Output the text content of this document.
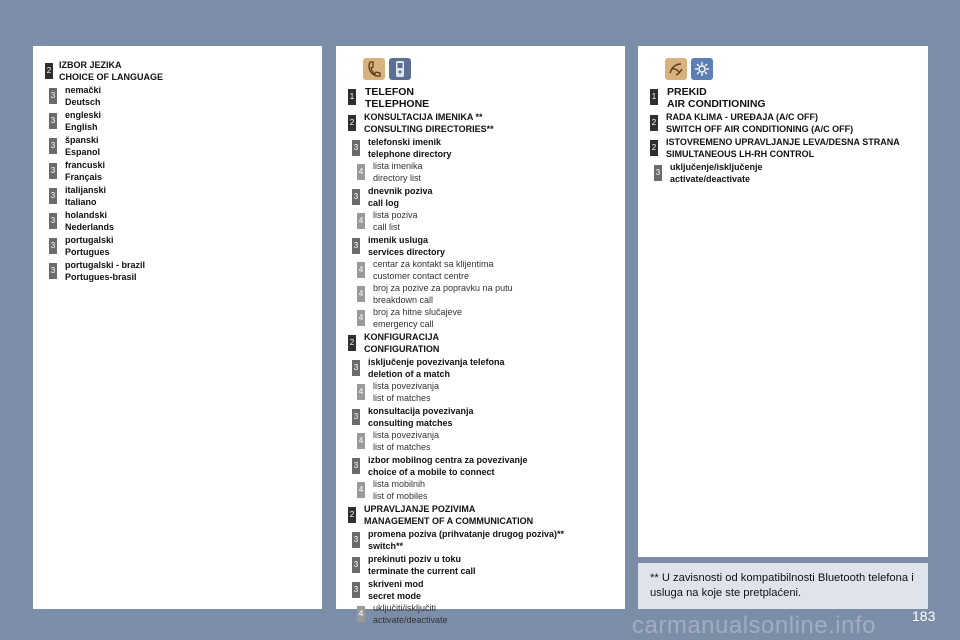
2
IZBOR JEZIKA
CHOICE OF LANGUAGE
3
nemački
Deutsch
3
engleski
English
3
španski
Espanol
3
francuski
Français
3
italijanski
Italiano
3
holandski
Nederlands
3
portugalski
Portugues
3
portugalski - brazil
Portugues-brasil
1 TELEFON
TELEPHONE
2
KONSULTACIJA IMENIKA **
CONSULTING DIRECTORIES**
3
telefonski imenik
telephone directory
4
lista imenika
directory list
3
dnevnik poziva
call log
4
lista poziva
call list
3
imenik usluga
services directory
4
centar za kontakt sa klijentima
customer contact centre
4
broj za pozive za popravku na putu
breakdown call
4
broj za hitne slučajeve
emergency call
2
KONFIGURACIJA
CONFIGURATION
3
isključenje povezivanja telefona
deletion of a match
4
lista povezivanja
list of matches
3
konsultacija povezivanja
consulting matches
4
lista povezivanja
list of matches
3
izbor mobilnog centra za povezivanje
choice of a mobile to connect
4
lista mobilnih
list of mobiles
2
UPRAVLJANJE POZIVIMA
MANAGEMENT OF A COMMUNICATION
3
promena poziva (prihvatanje drugog poziva)**
switch**
3
prekinuti poziv u toku
terminate the current call
3
skriveni mod
secret mode
4
uključiti/isključiti
activate/deactivate
1 PREKID
AIR CONDITIONING
2
RADA KLIMA - UREĐAJA (A/C OFF)
SWITCH OFF AIR CONDITIONING (A/C OFF)
2
ISTOVREMENO UPRAVLJANJE LEVA/DESNA STRANA
SIMULTANEOUS LH-RH CONTROL
3
uključenje/isključenje
activate/deactivate
** U zavisnosti od kompatibilnosti Bluetooth telefona i usluga na koje ste pretplaćeni.
carmanualsonline.info	183
